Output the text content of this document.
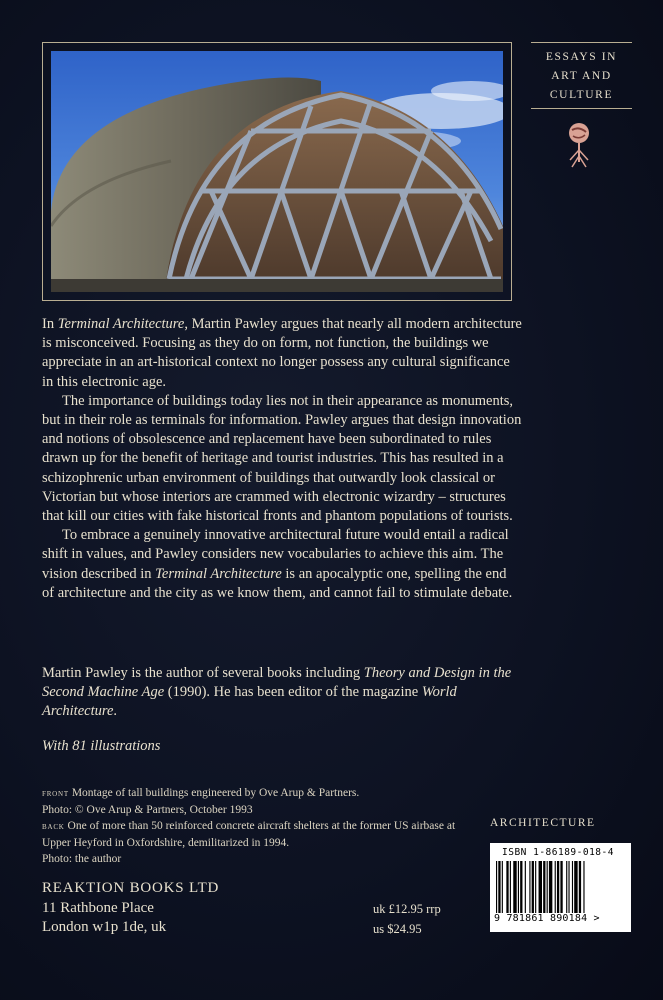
ESSAYS IN
ART AND
CULTURE

In Terminal Architecture, Martin Pawley argues that nearly all modern architecture is misconceived. Focusing as they do on form, not function, the buildings we appreciate in an art-historical context no longer possess any cultural significance in this electronic age.

The importance of buildings today lies not in their appearance as monuments, but in their role as terminals for information. Pawley argues that design innovation and notions of obsolescence and replacement have been subordinated to rules drawn up for the benefit of heritage and tourist industries. This has resulted in a schizophrenic urban environment of buildings that outwardly look classical or Victorian but whose interiors are crammed with electronic wizardry – structures that kill our cities with fake historical fronts and phantom populations of tourists.

To embrace a genuinely innovative architectural future would entail a radical shift in values, and Pawley considers new vocabularies to achieve this aim. The vision described in Terminal Architecture is an apocalyptic one, spelling the end of architecture and the city as we know them, and cannot fail to stimulate debate.

Martin Pawley is the author of several books including Theory and Design in the Second Machine Age (1990). He has been editor of the magazine World Architecture.

With 81 illustrations

front Montage of tall buildings engineered by Ove Arup & Partners.

Photo: © Ove Arup & Partners, October 1993

back One of more than 50 reinforced concrete aircraft shelters at the former US airbase at Upper Heyford in Oxfordshire, demilitarized in 1994.

Photo: the author

REAKTION BOOKS LTD
11 Rathbone Place
London w1p 1de, uk
uk £12.95 rrp
us $24.95
ARCHITECTURE
ISBN 1-86189-018-4
9 781861 890184 >
